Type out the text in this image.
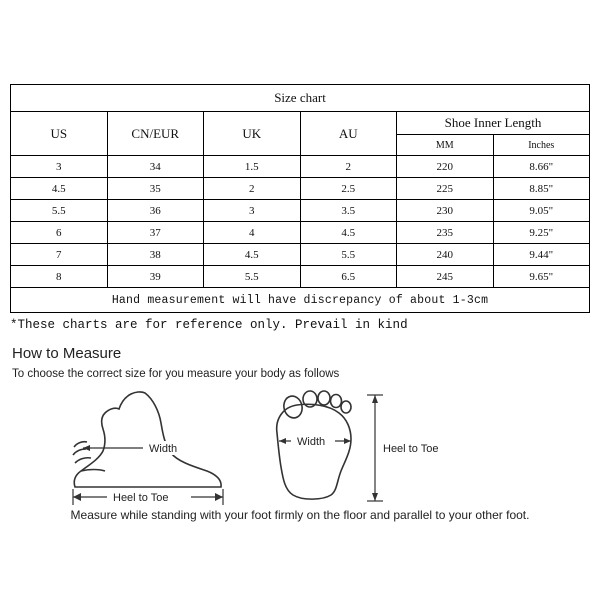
Size chart					
US	CN/EUR	UK	AU	Shoe Inner Length	
				MM	Inches
3	34	1.5	2	220	8.66"
4.5	35	2	2.5	225	8.85"
5.5	36	3	3.5	230	9.05"
6	37	4	4.5	235	9.25"
7	38	4.5	5.5	240	9.44"
8	39	5.5	6.5	245	9.65"
Hand measurement will have discrepancy of about 1-3cm					
*These charts are for reference only. Prevail in kind
How to Measure
To choose the correct size for you measure your body as follows
Width
Heel to Toe
Width
Heel to Toe
Measure while standing with your foot firmly on the floor and parallel to your other foot.
